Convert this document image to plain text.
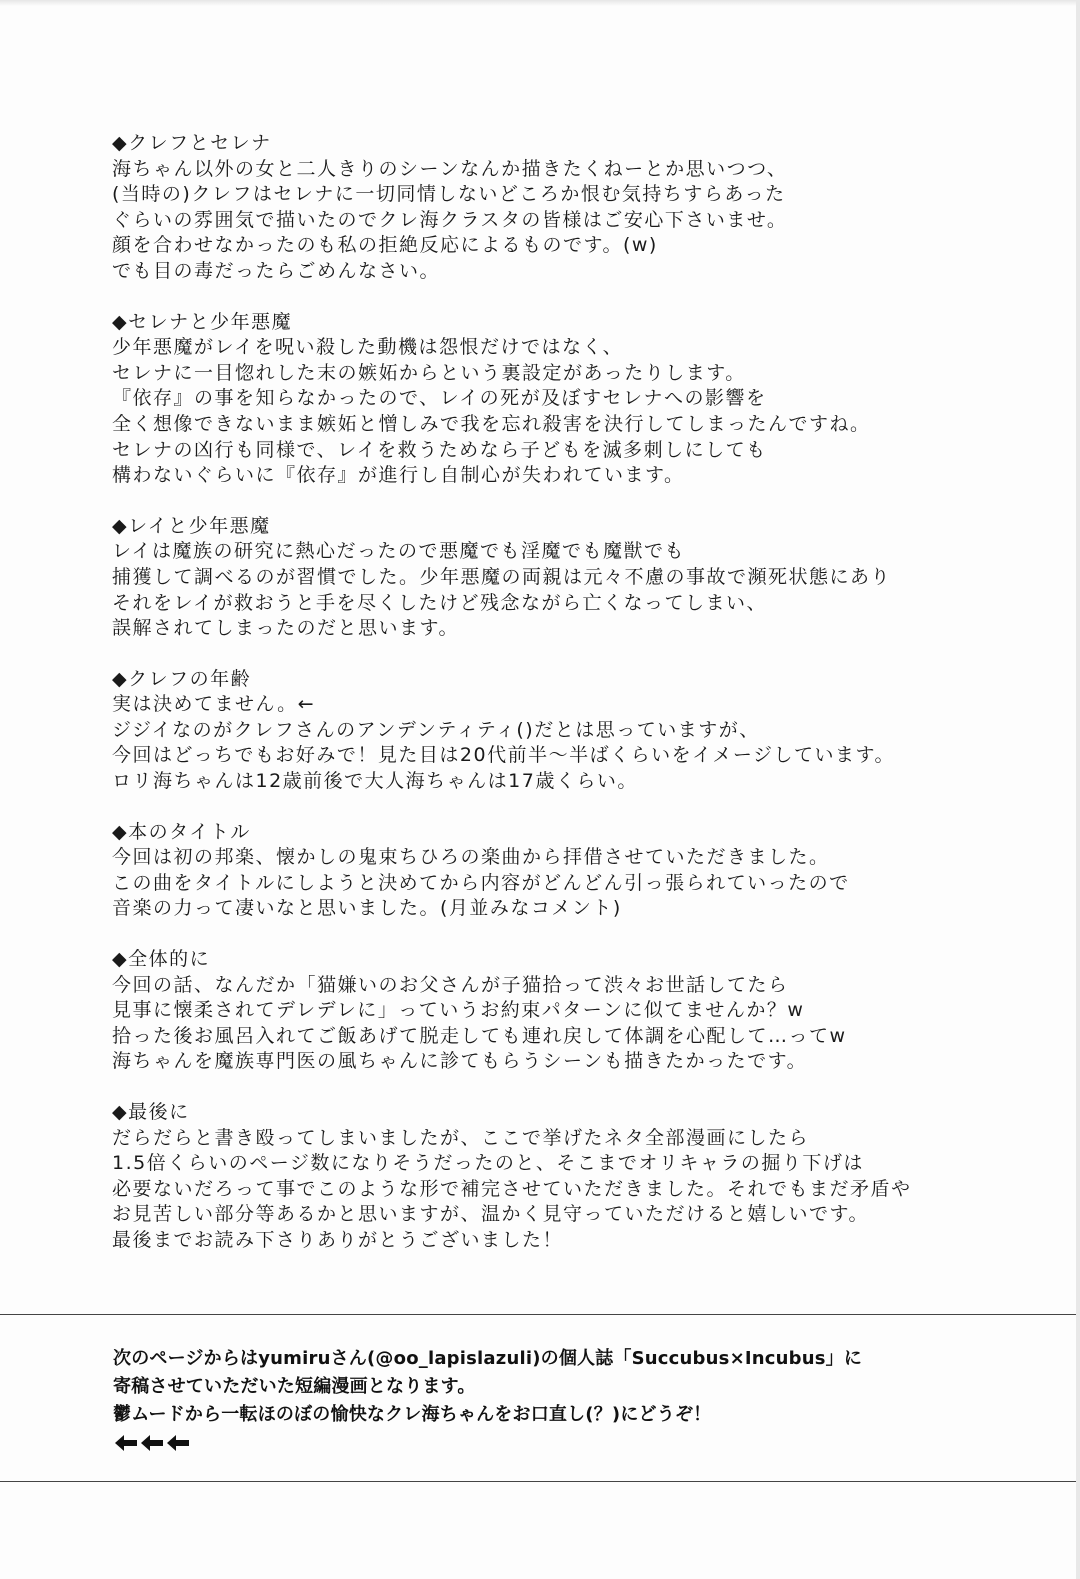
◆クレフとセレナ
海ちゃん以外の女と二人きりのシーンなんか描きたくねーとか思いつつ、
(当時の)クレフはセレナに一切同情しないどころか恨む気持ちすらあった
ぐらいの雰囲気で描いたのでクレ海クラスタの皆様はご安心下さいませ。
顔を合わせなかったのも私の拒絶反応によるものです。(w)
でも目の毒だったらごめんなさい。
◆セレナと少年悪魔
少年悪魔がレイを呪い殺した動機は怨恨だけではなく、
セレナに一目惚れした末の嫉妬からという裏設定があったりします。
『依存』の事を知らなかったので、レイの死が及ぼすセレナへの影響を
全く想像できないまま嫉妬と憎しみで我を忘れ殺害を決行してしまったんですね。
セレナの凶行も同様で、レイを救うためなら子どもを滅多刺しにしても
構わないぐらいに『依存』が進行し自制心が失われています。
◆レイと少年悪魔
レイは魔族の研究に熱心だったので悪魔でも淫魔でも魔獣でも
捕獲して調べるのが習慣でした。少年悪魔の両親は元々不慮の事故で瀕死状態にあり
それをレイが救おうと手を尽くしたけど残念ながら亡くなってしまい、
誤解されてしまったのだと思います。
◆クレフの年齢
実は決めてません。←
ジジイなのがクレフさんのアンデンティティ()だとは思っていますが、
今回はどっちでもお好みで！見た目は20代前半～半ばくらいをイメージしています。
ロリ海ちゃんは12歳前後で大人海ちゃんは17歳くらい。
◆本のタイトル
今回は初の邦楽、懐かしの鬼束ちひろの楽曲から拝借させていただきました。
この曲をタイトルにしようと決めてから内容がどんどん引っ張られていったので
音楽の力って凄いなと思いました。(月並みなコメント)
◆全体的に
今回の話、なんだか「猫嫌いのお父さんが子猫拾って渋々お世話してたら
見事に懐柔されてデレデレに」っていうお約束パターンに似てませんか？w
拾った後お風呂入れてご飯あげて脱走しても連れ戻して体調を心配して…ってw
海ちゃんを魔族専門医の風ちゃんに診てもらうシーンも描きたかったです。
◆最後に
だらだらと書き殴ってしまいましたが、ここで挙げたネタ全部漫画にしたら
1.5倍くらいのページ数になりそうだったのと、そこまでオリキャラの掘り下げは
必要ないだろって事でこのような形で補完させていただきました。それでもまだ矛盾や
お見苦しい部分等あるかと思いますが、温かく見守っていただけると嬉しいです。
最後までお読み下さりありがとうございました！
次のページからはyumiruさん(@oo_lapislazuli)の個人誌「Succubus×Incubus」に
寄稿させていただいた短編漫画となります。
鬱ムードから一転ほのぼの愉快なクレ海ちゃんをお口直し(？)にどうぞ！
